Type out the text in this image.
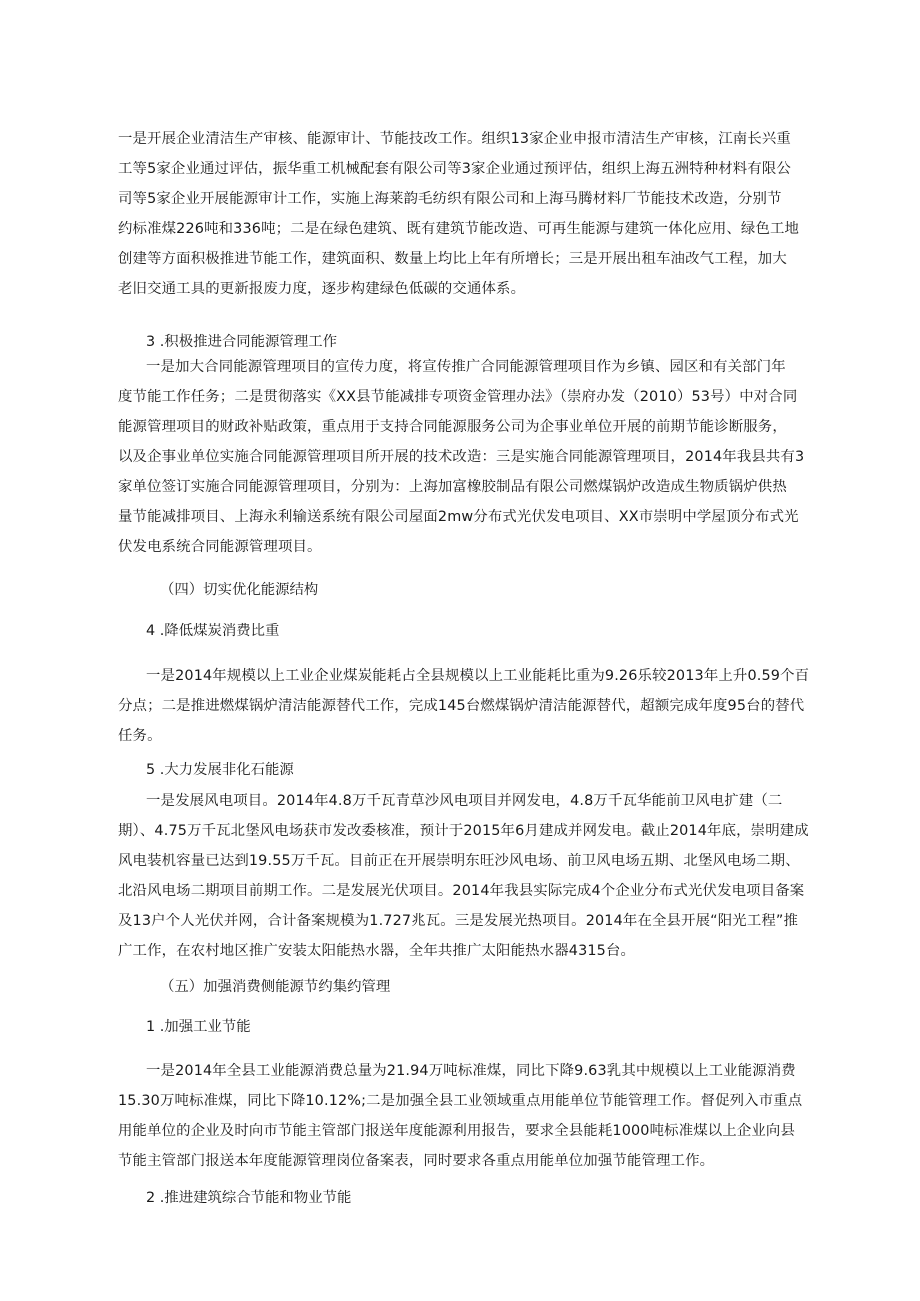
一是开展企业清洁生产审核、能源审计、节能技改工作。组织13家企业申报市清洁生产审核，江南长兴重
工等5家企业通过评估，振华重工机械配套有限公司等3家企业通过预评估，组织上海五洲特种材料有限公
司等5家企业开展能源审计工作，实施上海莱韵毛纺织有限公司和上海马腾材料厂节能技术改造，分别节
约标准煤226吨和336吨；二是在绿色建筑、既有建筑节能改造、可再生能源与建筑一体化应用、绿色工地
创建等方面积极推进节能工作，建筑面积、数量上均比上年有所增长；三是开展出租车油改气工程，加大
老旧交通工具的更新报废力度，逐步构建绿色低碳的交通体系。
3 .积极推进合同能源管理工作
一是加大合同能源管理项目的宣传力度，将宣传推广合同能源管理项目作为乡镇、园区和有关部门年
度节能工作任务；二是贯彻落实《XX县节能减排专项资金管理办法》（崇府办发（2010）53号）中对合同
能源管理项目的财政补贴政策，重点用于支持合同能源服务公司为企事业单位开展的前期节能诊断服务，
以及企事业单位实施合同能源管理项目所开展的技术改造：三是实施合同能源管理项目，2014年我县共有3
家单位签订实施合同能源管理项目，分别为：上海加富橡胶制品有限公司燃煤锅炉改造成生物质锅炉供热
量节能减排项目、上海永利输送系统有限公司屋面2mw分布式光伏发电项目、XX市崇明中学屋顶分布式光
伏发电系统合同能源管理项目。
（四）切实优化能源结构
4 .降低煤炭消费比重
一是2014年规模以上工业企业煤炭能耗占全县规模以上工业能耗比重为9.26乐较2013年上升0.59个百
分点；二是推进燃煤锅炉清洁能源替代工作，完成145台燃煤锅炉清洁能源替代，超额完成年度95台的替代
任务。
5 .大力发展非化石能源
一是发展风电项目。2014年4.8万千瓦青草沙风电项目并网发电，4.8万千瓦华能前卫风电扩建（二
期）、4.75万千瓦北堡风电场获市发改委核准，预计于2015年6月建成并网发电。截止2014年底，崇明建成
风电装机容量已达到19.55万千瓦。目前正在开展崇明东旺沙风电场、前卫风电场五期、北堡风电场二期、
北沿风电场二期项目前期工作。二是发展光伏项目。2014年我县实际完成4个企业分布式光伏发电项目备案
及13户个人光伏并网，合计备案规模为1.727兆瓦。三是发展光热项目。2014年在全县开展“阳光工程”推
广工作，在农村地区推广安装太阳能热水器，全年共推广太阳能热水器4315台。
（五）加强消费侧能源节约集约管理
1 .加强工业节能
一是2014年全县工业能源消费总量为21.94万吨标准煤，同比下降9.63乳其中规模以上工业能源消费
15.30万吨标准煤，同比下降10.12%;二是加强全县工业领域重点用能单位节能管理工作。督促列入市重点
用能单位的企业及时向市节能主管部门报送年度能源利用报告，要求全县能耗1000吨标准煤以上企业向县
节能主管部门报送本年度能源管理岗位备案表，同时要求各重点用能单位加强节能管理工作。
2 .推进建筑综合节能和物业节能
